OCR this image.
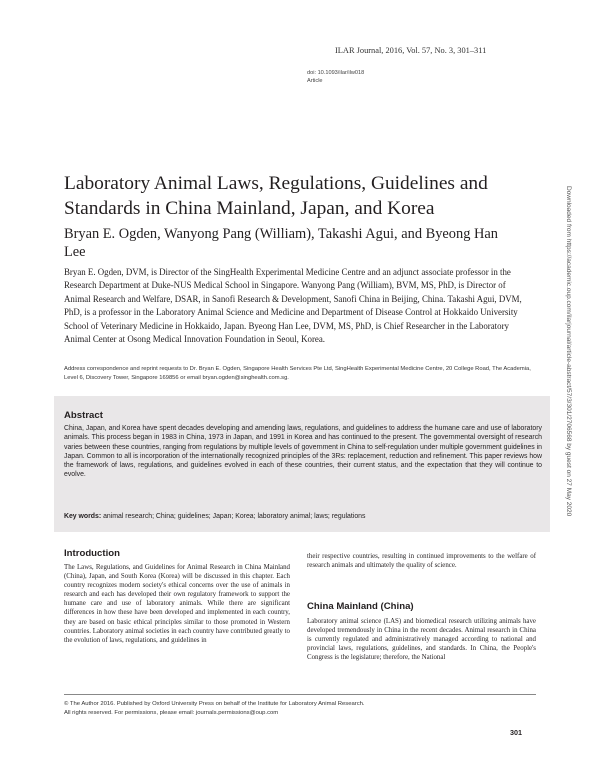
ILAR Journal, 2016, Vol. 57, No. 3, 301–311
doi: 10.1093/ilar/ilw018
Article
Laboratory Animal Laws, Regulations, Guidelines and Standards in China Mainland, Japan, and Korea
Bryan E. Ogden, Wanyong Pang (William), Takashi Agui, and Byeong Han Lee
Bryan E. Ogden, DVM, is Director of the SingHealth Experimental Medicine Centre and an adjunct associate professor in the Research Department at Duke-NUS Medical School in Singapore. Wanyong Pang (William), BVM, MS, PhD, is Director of Animal Research and Welfare, DSAR, in Sanofi Research & Development, Sanofi China in Beijing, China. Takashi Agui, DVM, PhD, is a professor in the Laboratory Animal Science and Medicine and Department of Disease Control at Hokkaido University School of Veterinary Medicine in Hokkaido, Japan. Byeong Han Lee, DVM, MS, PhD, is Chief Researcher in the Laboratory Animal Center at Osong Medical Innovation Foundation in Seoul, Korea.
Address correspondence and reprint requests to Dr. Bryan E. Ogden, Singapore Health Services Pte Ltd, SingHealth Experimental Medicine Centre, 20 College Road, The Academia, Level 6, Discovery Tower, Singapore 169856 or email bryan.ogden@singhealth.com.sg.
Abstract
China, Japan, and Korea have spent decades developing and amending laws, regulations, and guidelines to address the humane care and use of laboratory animals. This process began in 1983 in China, 1973 in Japan, and 1991 in Korea and has continued to the present. The governmental oversight of research varies between these countries, ranging from regulations by multiple levels of government in China to self-regulation under multiple government guidelines in Japan. Common to all is incorporation of the internationally recognized principles of the 3Rs: replacement, reduction and refinement. This paper reviews how the framework of laws, regulations, and guidelines evolved in each of these countries, their current status, and the expectation that they will continue to evolve.
Key words: animal research; China; guidelines; Japan; Korea; laboratory animal; laws; regulations
Introduction
The Laws, Regulations, and Guidelines for Animal Research in China Mainland (China), Japan, and South Korea (Korea) will be discussed in this chapter. Each country recognizes modern society's ethical concerns over the use of animals in research and each has developed their own regulatory framework to support the humane care and use of laboratory animals. While there are significant differences in how these have been developed and implemented in each country, they are based on basic ethical principles similar to those promoted in Western countries. Laboratory animal societies in each country have contributed greatly to the evolution of laws, regulations, and guidelines in
their respective countries, resulting in continued improvements to the welfare of research animals and ultimately the quality of science.
China Mainland (China)
Laboratory animal science (LAS) and biomedical research utilizing animals have developed tremendously in China in the recent decades. Animal research in China is currently regulated and administratively managed according to national and provincial laws, regulations, guidelines, and standards. In China, the People's Congress is the legislature; therefore, the National
© The Author 2016. Published by Oxford University Press on behalf of the Institute for Laboratory Animal Research.
All rights reserved. For permissions, please email: journals.permissions@oup.com
301
Downloaded from https://academic.oup.com/ilarjournal/article-abstract/57/3/301/2706568 by guest on 27 May 2020
